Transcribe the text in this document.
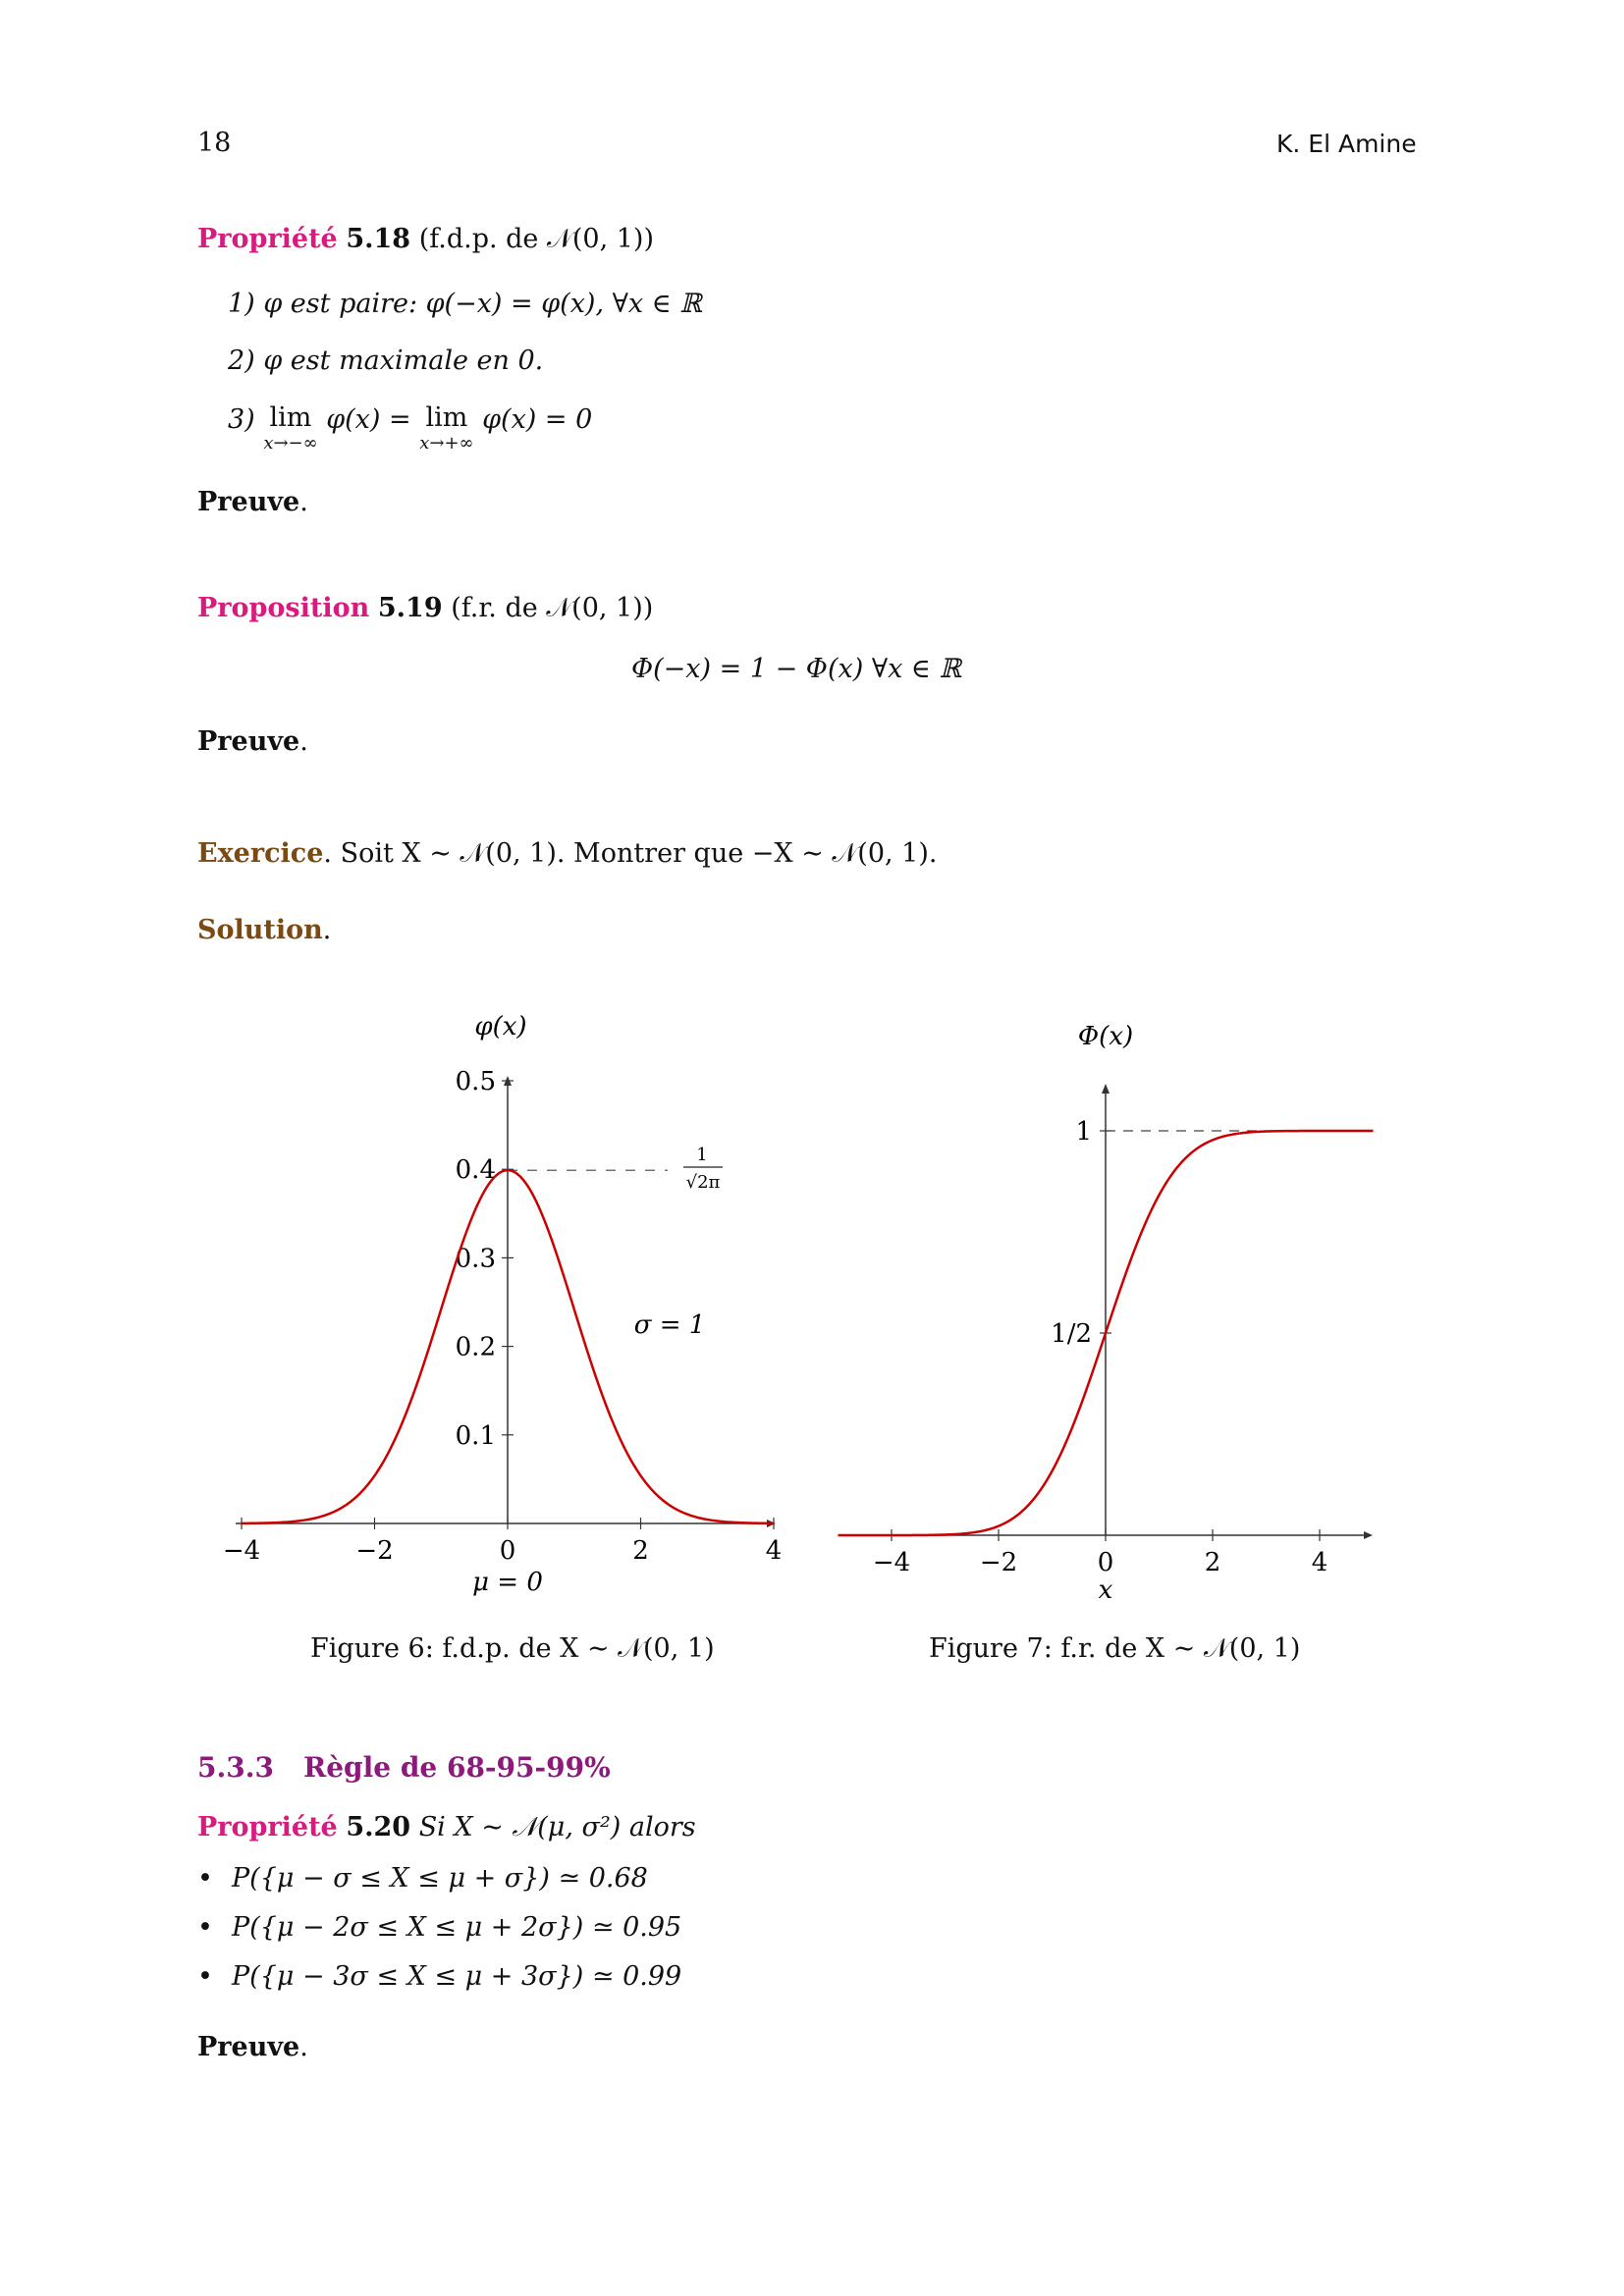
18	K. El Amine
Propriété 5.18 (f.d.p. de 𝒩(0, 1))
1) φ est paire: φ(−x) = φ(x), ∀x ∈ ℝ
2) φ est maximale en 0.
3) lim
x→−∞
φ(x) = lim
x→+∞
φ(x) = 0
Preuve.
Proposition 5.19 (f.r. de 𝒩(0, 1))
Φ(−x) = 1 − Φ(x) ∀x ∈ ℝ
Preuve.
Exercice. Soit X ∼ 𝒩(0, 1). Montrer que −X ∼ 𝒩(0, 1).
Solution.
−4	−2	0	2	4
0.1
0.2
0.3
0.4
0.5
φ(x)
μ = 0
σ = 1
1
√2π
Figure 6: f.d.p. de X ∼ 𝒩(0, 1)
−4	−2	0	2	4
1/2
1
Φ(x)
x
Figure 7: f.r. de X ∼ 𝒩(0, 1)
5.3.3 Règle de 68-95-99%
Propriété 5.20 Si X ∼ 𝒩(μ, σ²) alors
• P({μ − σ ≤ X ≤ μ + σ}) ≃ 0.68
• P({μ − 2σ ≤ X ≤ μ + 2σ}) ≃ 0.95
• P({μ − 3σ ≤ X ≤ μ + 3σ}) ≃ 0.99
Preuve.
